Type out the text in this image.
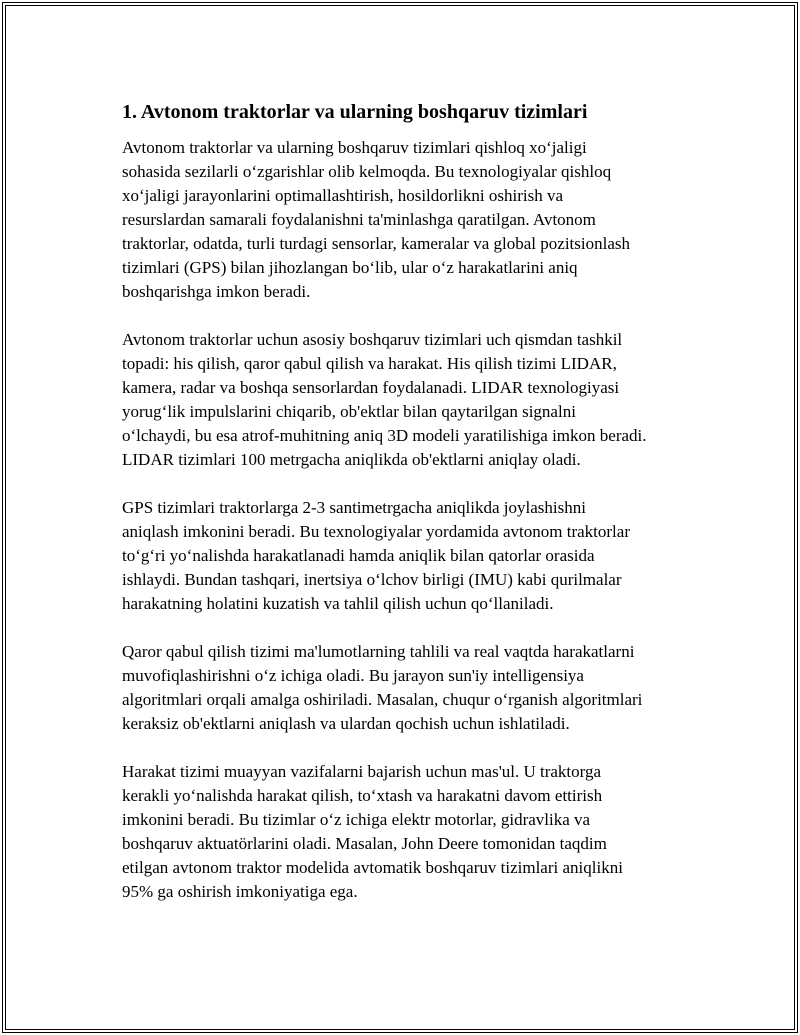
1. Avtonom traktorlar va ularning boshqaruv tizimlari

Avtonom traktorlar va ularning boshqaruv tizimlari qishloq xo‘jaligi
sohasida sezilarli o‘zgarishlar olib kelmoqda. Bu texnologiyalar qishloq
xo‘jaligi jarayonlarini optimallashtirish, hosildorlikni oshirish va
resurslardan samarali foydalanishni ta'minlashga qaratilgan. Avtonom
traktorlar, odatda, turli turdagi sensorlar, kameralar va global pozitsionlash
tizimlari (GPS) bilan jihozlangan bo‘lib, ular o‘z harakatlarini aniq
boshqarishga imkon beradi.

Avtonom traktorlar uchun asosiy boshqaruv tizimlari uch qismdan tashkil
topadi: his qilish, qaror qabul qilish va harakat. His qilish tizimi LIDAR,
kamera, radar va boshqa sensorlardan foydalanadi. LIDAR texnologiyasi
yorug‘lik impulslarini chiqarib, ob'ektlar bilan qaytarilgan signalni
o‘lchaydi, bu esa atrof-muhitning aniq 3D modeli yaratilishiga imkon beradi.
LIDAR tizimlari 100 metrgacha aniqlikda ob'ektlarni aniqlay oladi.

GPS tizimlari traktorlarga 2-3 santimetrgacha aniqlikda joylashishni
aniqlash imkonini beradi. Bu texnologiyalar yordamida avtonom traktorlar
to‘g‘ri yo‘nalishda harakatlanadi hamda aniqlik bilan qatorlar orasida
ishlaydi. Bundan tashqari, inertsiya o‘lchov birligi (IMU) kabi qurilmalar
harakatning holatini kuzatish va tahlil qilish uchun qo‘llaniladi.

Qaror qabul qilish tizimi ma'lumotlarning tahlili va real vaqtda harakatlarni
muvofiqlashirishni o‘z ichiga oladi. Bu jarayon sun'iy intelligensiya
algoritmlari orqali amalga oshiriladi. Masalan, chuqur o‘rganish algoritmlari
keraksiz ob'ektlarni aniqlash va ulardan qochish uchun ishlatiladi.

Harakat tizimi muayyan vazifalarni bajarish uchun mas'ul. U traktorga
kerakli yo‘nalishda harakat qilish, to‘xtash va harakatni davom ettirish
imkonini beradi. Bu tizimlar o‘z ichiga elektr motorlar, gidravlika va
boshqaruv aktuatörlarini oladi. Masalan, John Deere tomonidan taqdim
etilgan avtonom traktor modelida avtomatik boshqaruv tizimlari aniqlikni
95% ga oshirish imkoniyatiga ega.
